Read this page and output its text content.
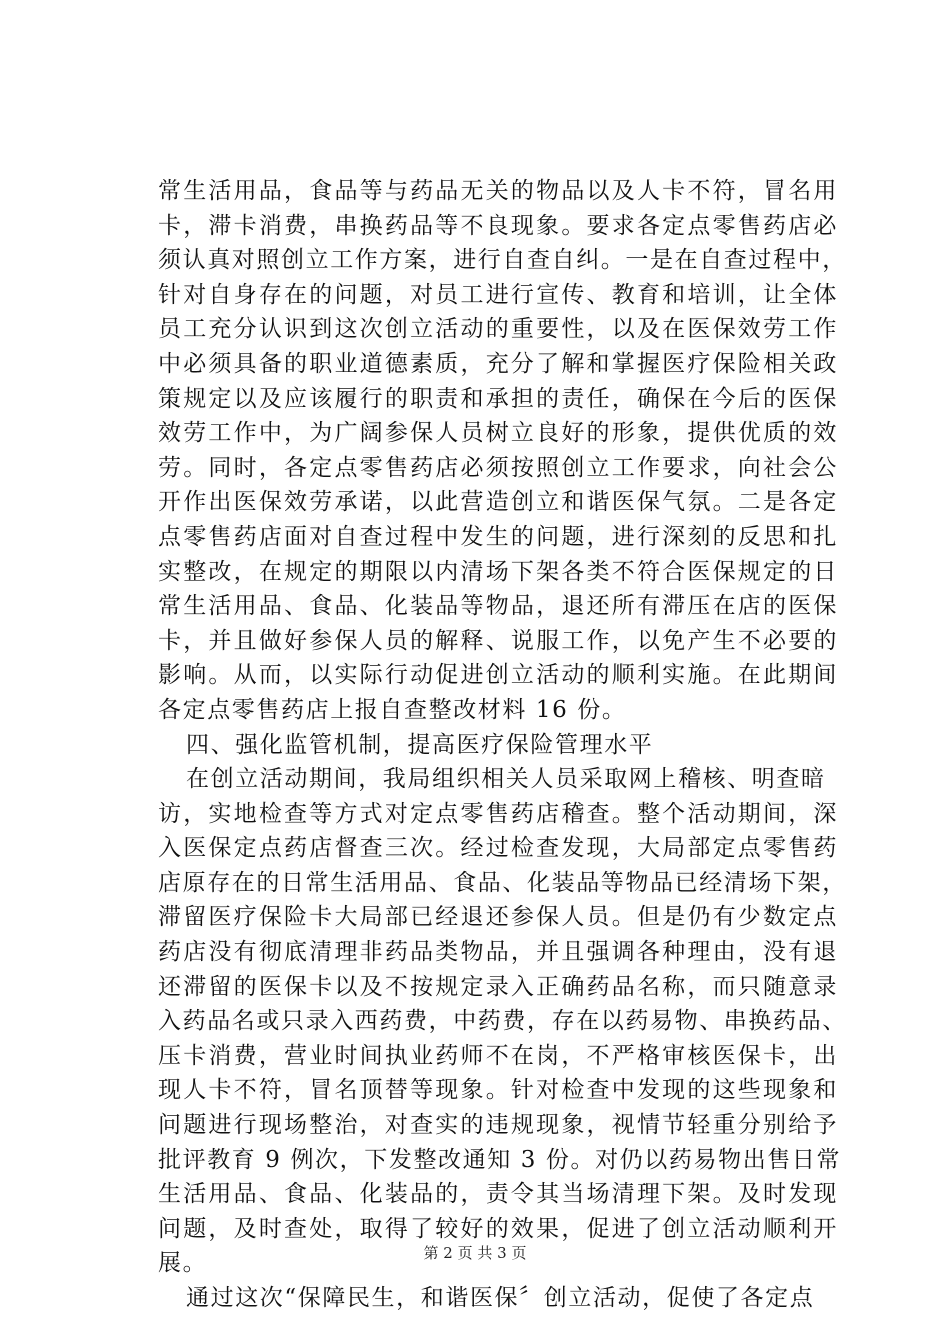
常生活用品，食品等与药品无关的物品以及人卡不符，冒名用
卡，滞卡消费，串换药品等不良现象。要求各定点零售药店必
须认真对照创立工作方案，进行自查自纠。一是在自查过程中，
针对自身存在的问题，对员工进行宣传、教育和培训，让全体
员工充分认识到这次创立活动的重要性，以及在医保效劳工作
中必须具备的职业道德素质，充分了解和掌握医疗保险相关政
策规定以及应该履行的职责和承担的责任，确保在今后的医保
效劳工作中，为广阔参保人员树立良好的形象，提供优质的效
劳。同时，各定点零售药店必须按照创立工作要求，向社会公
开作出医保效劳承诺，以此营造创立和谐医保气氛。二是各定
点零售药店面对自查过程中发生的问题，进行深刻的反思和扎
实整改，在规定的期限以内清场下架各类不符合医保规定的日
常生活用品、食品、化装品等物品，退还所有滞压在店的医保
卡，并且做好参保人员的解释、说服工作，以免产生不必要的
影响。从而，以实际行动促进创立活动的顺利实施。在此期间
各定点零售药店上报自查整改材料 16 份。
四、强化监管机制，提高医疗保险管理水平
在创立活动期间，我局组织相关人员采取网上稽核、明查暗
访，实地检查等方式对定点零售药店稽查。整个活动期间，深
入医保定点药店督查三次。经过检查发现，大局部定点零售药
店原存在的日常生活用品、食品、化装品等物品已经清场下架，
滞留医疗保险卡大局部已经退还参保人员。但是仍有少数定点
药店没有彻底清理非药品类物品，并且强调各种理由，没有退
还滞留的医保卡以及不按规定录入正确药品名称，而只随意录
入药品名或只录入西药费，中药费，存在以药易物、串换药品、
压卡消费，营业时间执业药师不在岗，不严格审核医保卡，出
现人卡不符，冒名顶替等现象。针对检查中发现的这些现象和
问题进行现场整治，对查实的违规现象，视情节轻重分别给予
批评教育 9 例次，下发整改通知 3 份。对仍以药易物出售日常
生活用品、食品、化装品的，责令其当场清理下架。及时发现
问题，及时查处，取得了较好的效果，促进了创立活动顺利开
展。
通过这次“保障民生，和谐医保〞创立活动，促使了各定点
第 2 页 共 3 页
